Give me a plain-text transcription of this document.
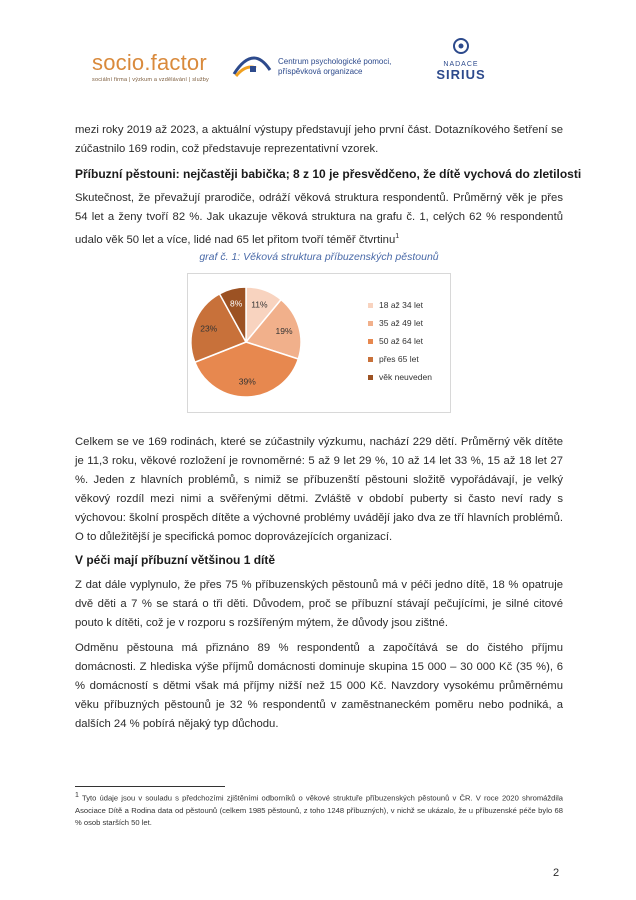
socio.factor
sociální firma | výzkum a vzdělávání | služby
Centrum psychologické pomoci,
příspěvková organizace
NADACE
SIRIUS

mezi roky 2019 až 2023, a aktuální výstupy představují jeho první část. Dotazníkového šetření se zúčastnilo 169 rodin, což představuje reprezentativní vzorek.

Příbuzní pěstouni: nejčastěji babička; 8 z 10 je přesvědčeno, že dítě vychová do zletilosti

Skutečnost, že převažují prarodiče, odráží věková struktura respondentů. Průměrný věk je přes 54 let a ženy tvoří 82 %. Jak ukazuje věková struktura na grafu č. 1, celých 62 % respondentů udalo věk 50 let a více, lidé nad 65 let přitom tvoří téměř čtvrtinu$^1$

graf č. 1: Věková struktura příbuzenských pěstounů
11%
19%
39%
23%
8%	18 až 34 let
35 až 49 let
50 až 64 let
přes 65 let
věk neuveden

Celkem se ve 169 rodinách, které se zúčastnily výzkumu, nachází 229 dětí. Průměrný věk dítěte je 11,3 roku, věkové rozložení je rovnoměrné: 5 až 9 let 29 %, 10 až 14 let 33 %, 15 až 18 let 27 %. Jeden z hlavních problémů, s nimiž se příbuzenští pěstouni složitě vypořádávají, je velký věkový rozdíl mezi nimi a svěřenými dětmi. Zvláště v období puberty si často neví rady s výchovou: školní prospěch dítěte a výchovné problémy uvádějí jako dva ze tří hlavních problémů. O to důležitější je specifická pomoc doprovázejících organizací.

V péči mají příbuzní většinou 1 dítě

Z dat dále vyplynulo, že přes 75 % příbuzenských pěstounů má v péči jedno dítě, 18 % opatruje dvě děti a 7 % se stará o tři děti. Důvodem, proč se příbuzní stávají pečujícími, je silné citové pouto k dítěti, což je v rozporu s rozšířeným mýtem, že důvody jsou zištné.

Odměnu pěstouna má přiznáno 89 % respondentů a započítává se do čistého příjmu domácnosti. Z hlediska výše příjmů domácnosti dominuje skupina 15 000 – 30 000 Kč (35 %), 6 % domácností s dětmi však má příjmy nižší než 15 000 Kč. Navzdory vysokému průměrnému věku příbuzných pěstounů je 32 % respondentů v zaměstnaneckém poměru nebo podniká, a dalších 24 % pobírá nějaký typ důchodu.

$^1$ Tyto údaje jsou v souladu s předchozími zjištěními odborníků o věkové struktuře příbuzenských pěstounů v ČR. V roce 2020 shromáždila Asociace Dítě a Rodina data od pěstounů (celkem 1985 pěstounů, z toho 1248 příbuzných), v nichž se ukázalo, že u příbuzenské péče bylo 68 % osob starších 50 let.

2
